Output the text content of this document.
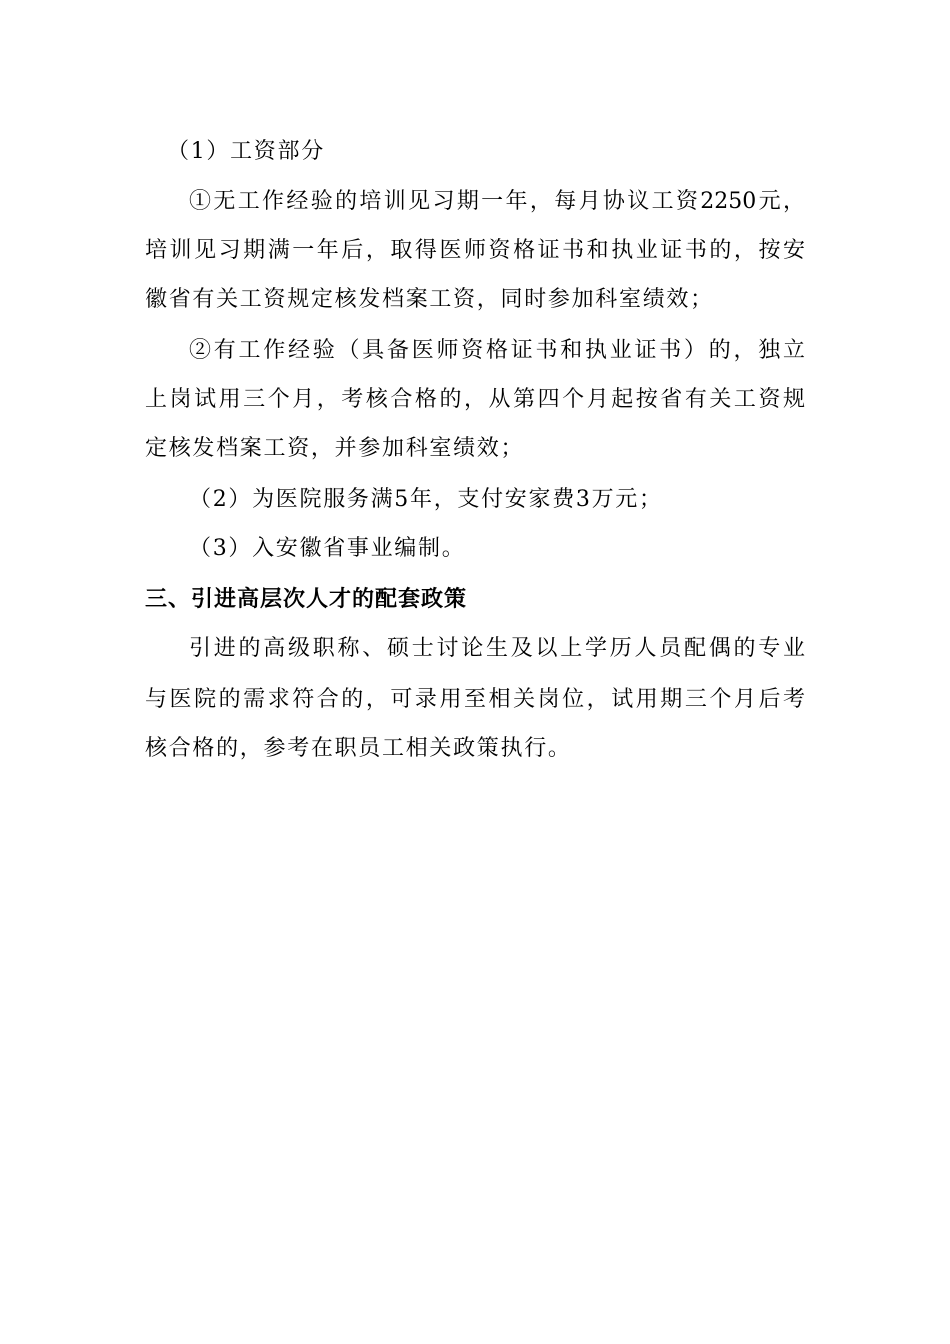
（1）工资部分
①无工作经验的培训见习期一年，每月协议工资2250元，
培训见习期满一年后，取得医师资格证书和执业证书的，按安
徽省有关工资规定核发档案工资，同时参加科室绩效；
②有工作经验（具备医师资格证书和执业证书）的，独立
上岗试用三个月，考核合格的，从第四个月起按省有关工资规
定核发档案工资，并参加科室绩效；
（2）为医院服务满5年，支付安家费3万元；
（3）入安徽省事业编制。
三、引进高层次人才的配套政策
引进的高级职称、硕士讨论生及以上学历人员配偶的专业
与医院的需求符合的，可录用至相关岗位，试用期三个月后考
核合格的，参考在职员工相关政策执行。
